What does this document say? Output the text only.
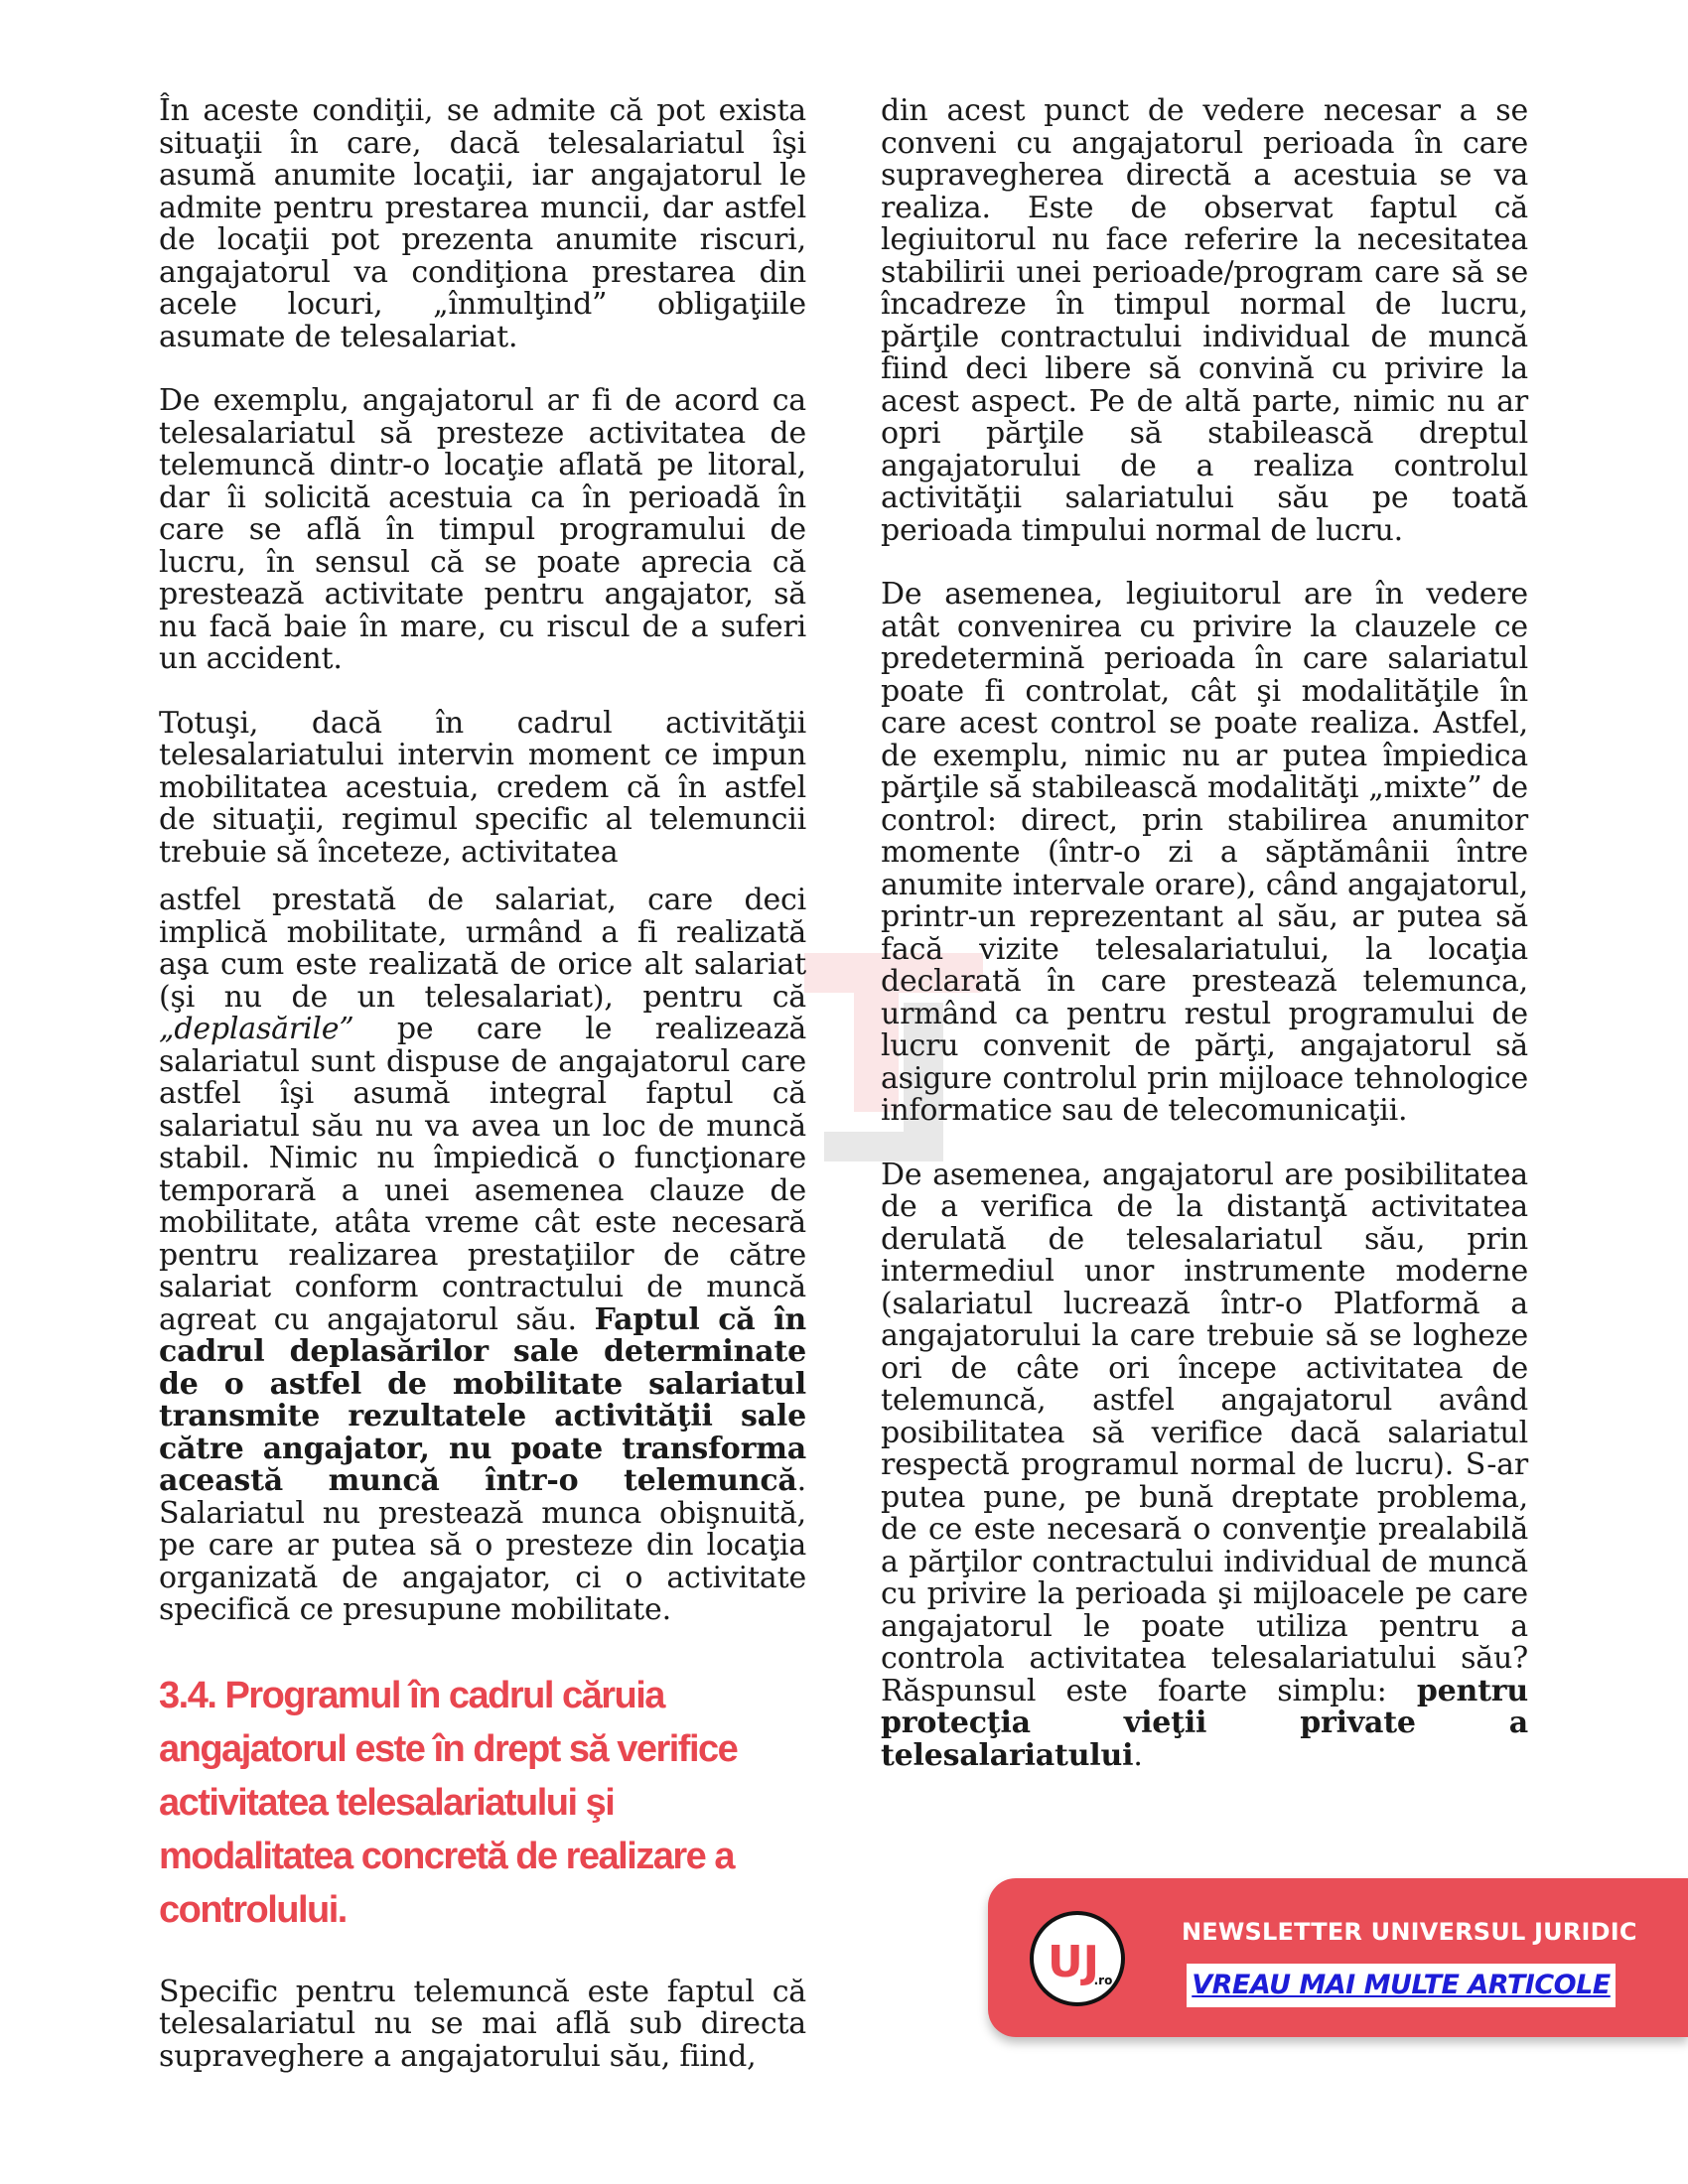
În aceste condiţii, se admite că pot exista situaţii în care, dacă telesalariatul îşi asumă anumite locaţii, iar angajatorul le admite pentru prestarea muncii, dar astfel de locaţii pot prezenta anumite riscuri, angajatorul va condiţiona prestarea din acele locuri, „înmulţind” obligaţiile asumate de telesalariat.

De exemplu, angajatorul ar fi de acord ca telesalariatul să presteze activitatea de telemuncă dintr-o locaţie aflată pe litoral, dar îi solicită acestuia ca în perioadă în care se află în timpul programului de lucru, în sensul că se poate aprecia că prestează activitate pentru angajator, să nu facă baie în mare, cu riscul de a suferi un accident.

Totuşi, dacă în cadrul activităţii telesalariatului intervin moment ce impun mobilitatea acestuia, credem că în astfel de situaţii, regimul specific al telemuncii trebuie să înceteze, activitatea

astfel prestată de salariat, care deci implică mobilitate, urmând a fi realizată aşa cum este realizată de orice alt salariat (şi nu de un telesalariat), pentru că „deplasările” pe care le realizează salariatul sunt dispuse de angajatorul care astfel îşi asumă integral faptul că salariatul său nu va avea un loc de muncă stabil. Nimic nu împiedică o funcţionare temporară a unei asemenea clauze de mobilitate, atâta vreme cât este necesară pentru realizarea prestaţiilor de către salariat conform contractului de muncă agreat cu angajatorul său. Faptul că în cadrul deplasărilor sale determinate de o astfel de mobilitate salariatul transmite rezultatele activităţii sale către angajator, nu poate transforma această muncă într-o telemuncă. Salariatul nu prestează munca obişnuită, pe care ar putea să o presteze din locaţia organizată de angajator, ci o activitate specifică ce presupune mobilitate.

3.4. Programul în cadrul căruia angajatorul este în drept să verifice activitatea telesalariatului şi modalitatea concretă de realizare a controlului.

Specific pentru telemuncă este faptul că telesalariatul nu se mai află sub directa supraveghere a angajatorului său, fiind,

din acest punct de vedere necesar a se conveni cu angajatorul perioada în care supravegherea directă a acestuia se va realiza. Este de observat faptul că legiuitorul nu face referire la necesitatea stabilirii unei perioade/program care să se încadreze în timpul normal de lucru, părţile contractului individual de muncă fiind deci libere să convină cu privire la acest aspect. Pe de altă parte, nimic nu ar opri părţile să stabilească dreptul angajatorului de a realiza controlul activităţii salariatului său pe toată perioada timpului normal de lucru.

De asemenea, legiuitorul are în vedere atât convenirea cu privire la clauzele ce predetermină perioada în care salariatul poate fi controlat, cât şi modalităţile în care acest control se poate realiza. Astfel, de exemplu, nimic nu ar putea împiedica părţile să stabilească modalităţi „mixte” de control: direct, prin stabilirea anumitor momente (într-o zi a săptămânii între anumite intervale orare), când angajatorul, printr-un reprezentant al său, ar putea să facă vizite telesalariatului, la locaţia declarată în care prestează telemunca, urmând ca pentru restul programului de lucru convenit de părţi, angajatorul să asigure controlul prin mijloace tehnologice informatice sau de telecomunicaţii.

De asemenea, angajatorul are posibilitatea de a verifica de la distanţă activitatea derulată de telesalariatul său, prin intermediul unor instrumente moderne (salariatul lucrează într-o Platformă a angajatorului la care trebuie să se logheze ori de câte ori începe activitatea de telemuncă, astfel angajatorul având posibilitatea să verifice dacă salariatul respectă programul normal de lucru). S-ar putea pune, pe bună dreptate problema, de ce este necesară o convenţie prealabilă a părţilor contractului individual de muncă cu privire la perioada şi mijloacele pe care angajatorul le poate utiliza pentru a controla activitatea telesalariatului său? Răspunsul este foarte simplu: pentru protecţia vieţii private a telesalariatului.

UJ
.ro
NEWSLETTER UNIVERSUL JURIDIC
VREAU MAI MULTE ARTICOLE
